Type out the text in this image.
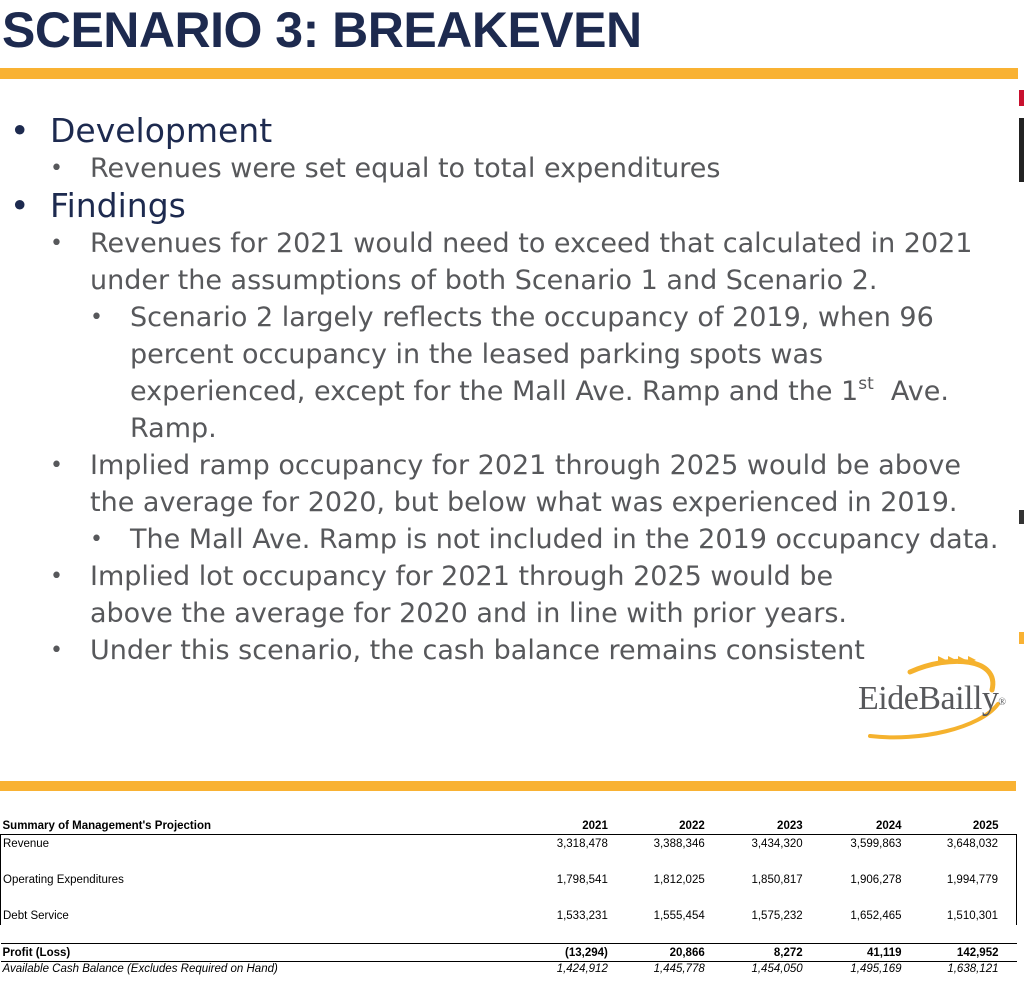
SCENARIO 3: BREAKEVEN
• Development
• Revenues were set equal to total expenditures
• Findings
• Revenues for 2021 would need to exceed that calculated in 2021 under the assumptions of both Scenario 1 and Scenario 2.
• Scenario 2 largely reflects the occupancy of 2019, when 96 percent occupancy in the leased parking spots was experienced, except for the Mall Ave. Ramp and the 1st  Ave. Ramp.
• Implied ramp occupancy for 2021 through 2025 would be above the average for 2020, but below what was experienced in 2019.
• The Mall Ave. Ramp is not included in the 2019 occupancy data.
• Implied lot occupancy for 2021 through 2025 would be above the average for 2020 and in line with prior years.
• Under this scenario, the cash balance remains consistent
EideBailly®
Summary of Management's Projection	2021	2022	2023	2024	2025
Revenue	3,318,478	3,388,346	3,434,320	3,599,863	3,648,032

Operating Expenditures	1,798,541	1,812,025	1,850,817	1,906,278	1,994,779

Debt Service	1,533,231	1,555,454	1,575,232	1,652,465	1,510,301

Profit (Loss)	(13,294)	20,866	8,272	41,119	142,952
Available Cash Balance (Excludes Required on Hand)	1,424,912	1,445,778	1,454,050	1,495,169	1,638,121
